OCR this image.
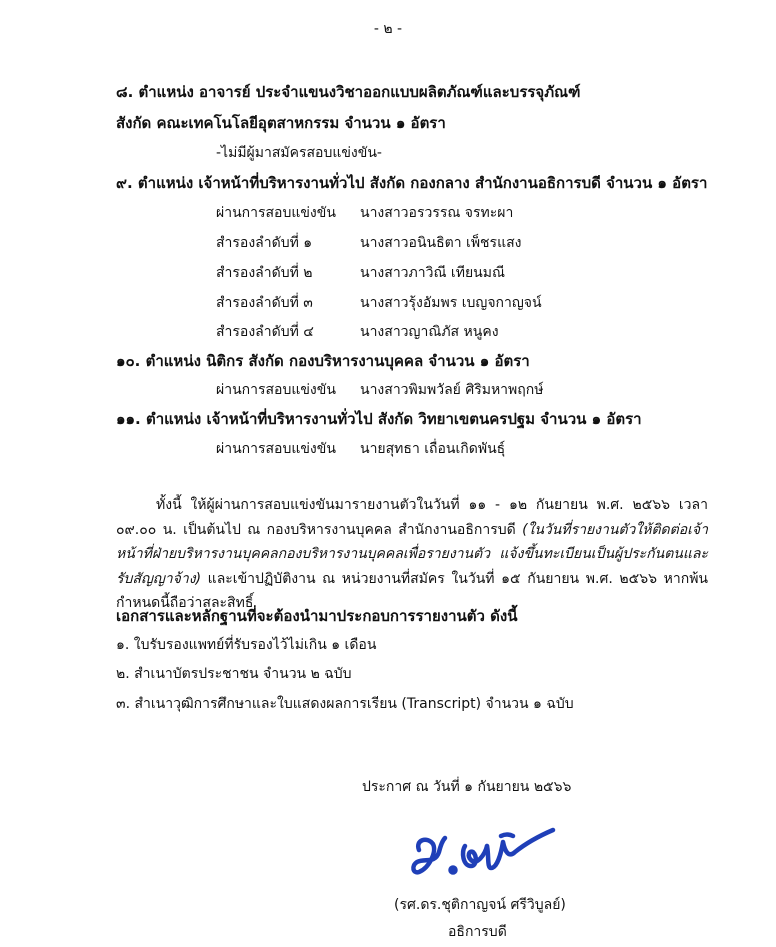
- ๒ -
๘. ตำแหน่ง อาจารย์ ประจำแขนงวิชาออกแบบผลิตภัณฑ์และบรรจุภัณฑ์
สังกัด คณะเทคโนโลยีอุตสาหกรรม จำนวน ๑ อัตรา
-ไม่มีผู้มาสมัครสอบแข่งขัน-
๙. ตำแหน่ง เจ้าหน้าที่บริหารงานทั่วไป สังกัด กองกลาง สำนักงานอธิการบดี จำนวน ๑ อัตรา
ผ่านการสอบแข่งขัน นางสาวอรวรรณ จรทะผา
สำรองลำดับที่ ๑	นางสาวอนินธิตา เพ็ชรแสง
สำรองลำดับที่ ๒	นางสาวภาวิณี เทียนมณี
สำรองลำดับที่ ๓	นางสาวรุ้งอัมพร เบญจกาญจน์
สำรองลำดับที่ ๔	นางสาวญาณิภัส หนูคง
๑๐. ตำแหน่ง นิติกร สังกัด กองบริหารงานบุคคล จำนวน ๑ อัตรา
ผ่านการสอบแข่งขัน นางสาวพิมพวัลย์ ศิริมหาพฤกษ์
๑๑. ตำแหน่ง เจ้าหน้าที่บริหารงานทั่วไป สังกัด วิทยาเขตนครปฐม จำนวน ๑ อัตรา
ผ่านการสอบแข่งขัน นายสุทธา เถื่อนเกิดพันธุ์
ทั้งนี้ ให้ผู้ผ่านการสอบแข่งขันมารายงานตัวในวันที่ ๑๑ - ๑๒ กันยายน พ.ศ. ๒๕๖๖ เวลา ๐๙.๐๐ น. เป็นต้นไป ณ กองบริหารงานบุคคล สำนักงานอธิการบดี (ในวันที่รายงานตัวให้ติดต่อเจ้าหน้าที่ฝ่ายบริหารงานบุคคลกองบริหารงานบุคคลเพื่อรายงานตัว แจ้งขึ้นทะเบียนเป็นผู้ประกันตนและรับสัญญาจ้าง) และเข้าปฏิบัติงาน ณ หน่วยงานที่สมัคร ในวันที่ ๑๕ กันยายน พ.ศ. ๒๕๖๖ หากพ้นกำหนดนี้ถือว่าสละสิทธิ์
เอกสารและหลักฐานที่จะต้องนำมาประกอบการรายงานตัว ดังนี้
๑. ใบรับรองแพทย์ที่รับรองไว้ไม่เกิน ๑ เดือน
๒. สำเนาบัตรประชาชน จำนวน ๒ ฉบับ
๓. สำเนาวุฒิการศึกษาและใบแสดงผลการเรียน (Transcript) จำนวน ๑ ฉบับ
ประกาศ ณ วันที่ ๑ กันยายน ๒๕๖๖
(รศ.ดร.ชุติกาญจน์ ศรีวิบูลย์)
อธิการบดี
